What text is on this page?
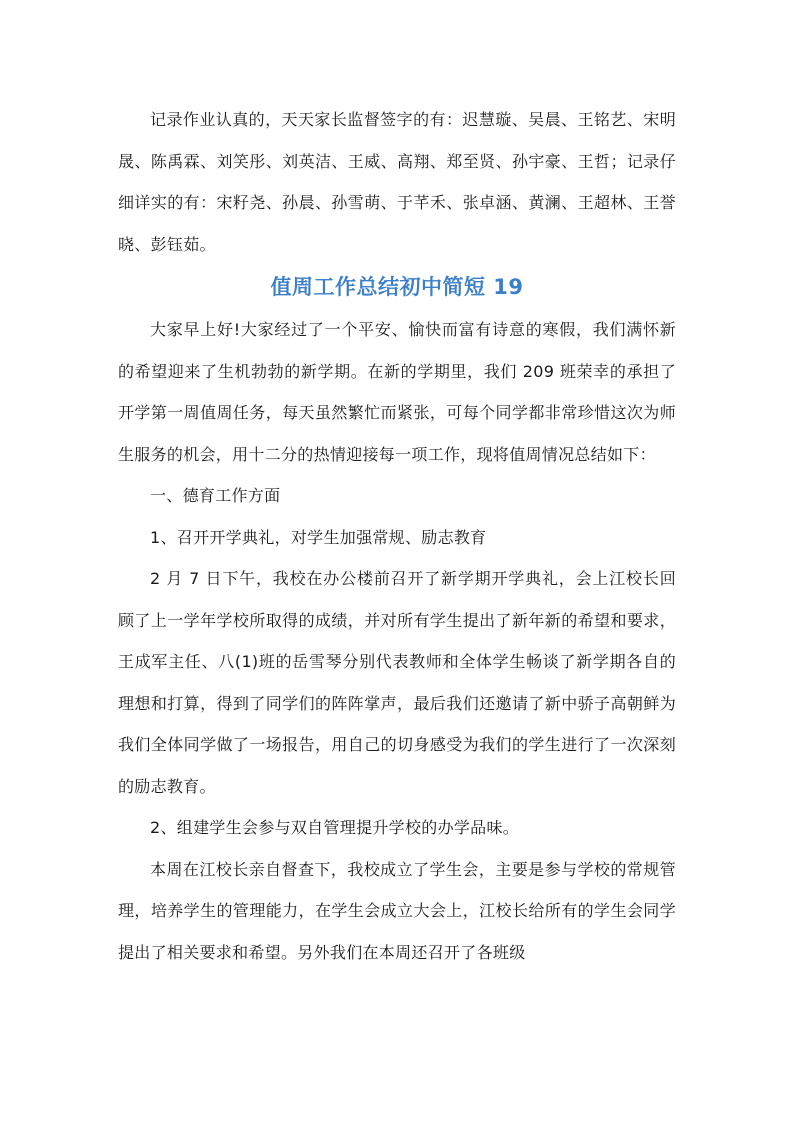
记录作业认真的，天天家长监督签字的有：迟慧璇、吴晨、王铭艺、宋明晟、陈禹霖、刘笑彤、刘英洁、王威、高翔、郑至贤、孙宇豪、王哲；记录仔细详实的有：宋籽尧、孙晨、孙雪萌、于芊禾、张卓涵、黄澜、王超林、王誉晓、彭钰茹。

值周工作总结初中简短 19

大家早上好!大家经过了一个平安、愉快而富有诗意的寒假，我们满怀新的希望迎来了生机勃勃的新学期。在新的学期里，我们 209 班荣幸的承担了开学第一周值周任务，每天虽然繁忙而紧张，可每个同学都非常珍惜这次为师生服务的机会，用十二分的热情迎接每一项工作，现将值周情况总结如下：

一、德育工作方面

1、召开开学典礼，对学生加强常规、励志教育

2 月 7 日下午，我校在办公楼前召开了新学期开学典礼，会上江校长回顾了上一学年学校所取得的成绩，并对所有学生提出了新年新的希望和要求，王成军主任、八(1)班的岳雪琴分别代表教师和全体学生畅谈了新学期各自的理想和打算，得到了同学们的阵阵掌声，最后我们还邀请了新中骄子高朝鲜为我们全体同学做了一场报告，用自己的切身感受为我们的学生进行了一次深刻的励志教育。

2、组建学生会参与双自管理提升学校的办学品味。

本周在江校长亲自督查下，我校成立了学生会，主要是参与学校的常规管理，培养学生的管理能力，在学生会成立大会上，江校长给所有的学生会同学提出了相关要求和希望。另外我们在本周还召开了各班级
